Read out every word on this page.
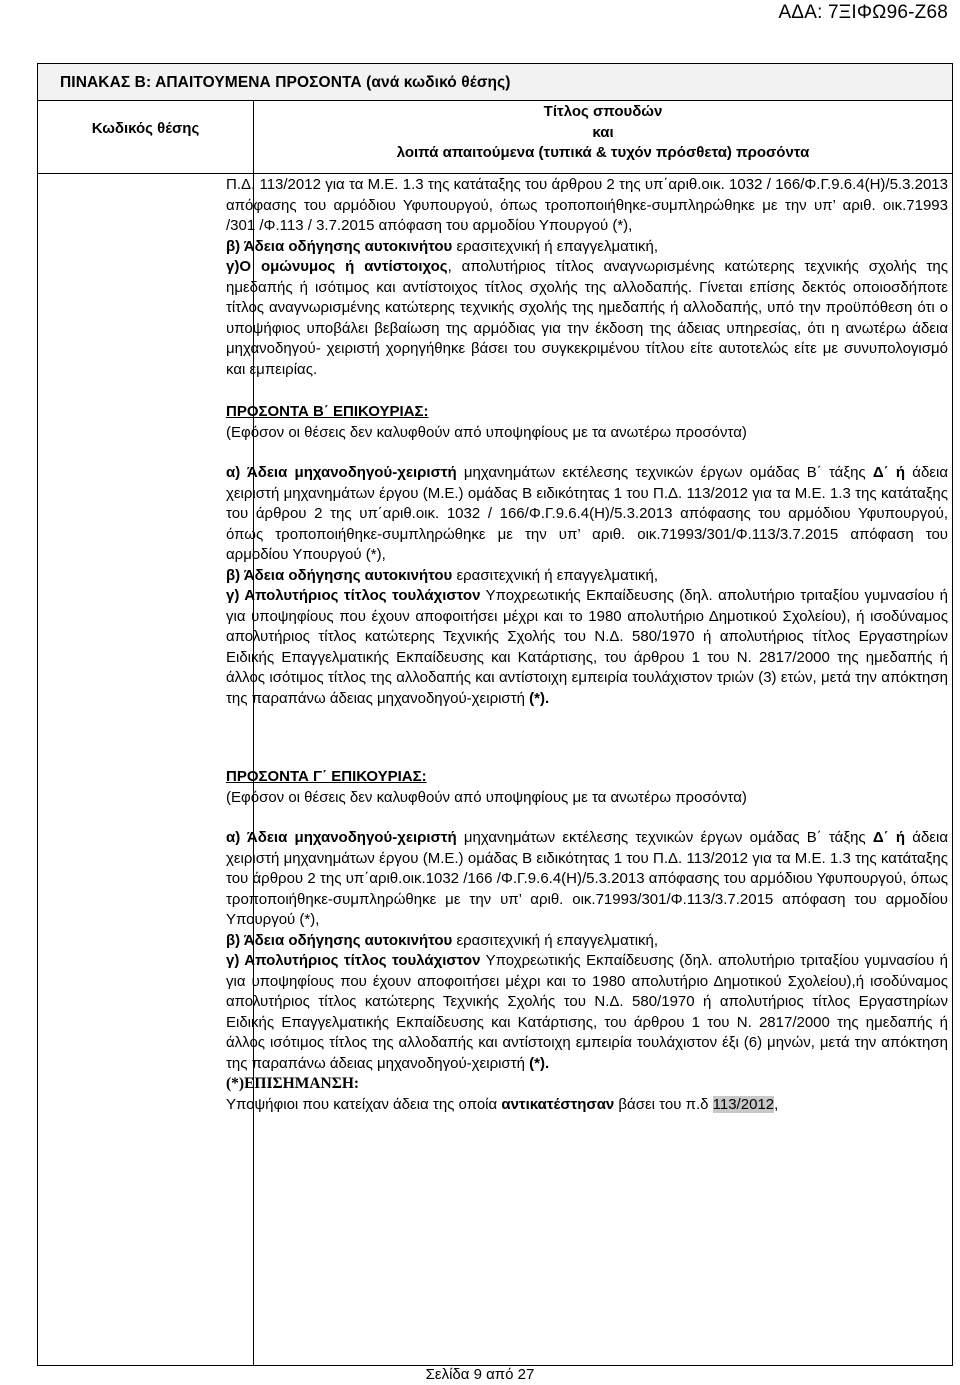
ΑΔΑ: 7ΞΙΦΩ96-Ζ68
ΠΙΝΑΚΑΣ Β: ΑΠΑΙΤΟΥΜΕΝΑ ΠΡΟΣΟΝΤΑ (ανά κωδικό θέσης)
Κωδικός θέσης
Τίτλος σπουδών
και
λοιπά απαιτούμενα (τυπικά & τυχόν πρόσθετα) προσόντα

Π.Δ. 113/2012 για τα Μ.Ε. 1.3 της κατάταξης του άρθρου 2 της υπ΄αριθ.οικ. 1032 / 166/Φ.Γ.9.6.4(Η)/5.3.2013 απόφασης του αρμόδιου Υφυπουργού, όπως τροποποιήθηκε-συμπληρώθηκε με την υπ’ αριθ. οικ.71993 /301 /Φ.113 / 3.7.2015 απόφαση του αρμοδίου Υπουργού (*),

β) Άδεια οδήγησης αυτοκινήτου ερασιτεχνική ή επαγγελματική,

γ)Ο ομώνυμος ή αντίστοιχος, απολυτήριος τίτλος αναγνωρισμένης κατώτερης τεχνικής σχολής της ημεδαπής ή ισότιμος και αντίστοιχος τίτλος σχολής της αλλοδαπής. Γίνεται επίσης δεκτός οποιοσδήποτε τίτλος αναγνωρισμένης κατώτερης τεχνικής σχολής της ημεδαπής ή αλλοδαπής, υπό την προϋπόθεση ότι ο υποψήφιος υποβάλει βεβαίωση της αρμόδιας για την έκδοση της άδειας υπηρεσίας, ότι η ανωτέρω άδεια μηχανοδηγού- χειριστή χορηγήθηκε βάσει του συγκεκριμένου τίτλου είτε αυτοτελώς είτε με συνυπολογισμό και εμπειρίας.

ΠΡΟΣΟΝΤΑ Β΄ ΕΠΙΚΟΥΡΙΑΣ:

(Εφόσον οι θέσεις δεν καλυφθούν από υποψηφίους με τα ανωτέρω προσόντα)

α) Άδεια μηχανοδηγού-χειριστή μηχανημάτων εκτέλεσης τεχνικών έργων ομάδας Β΄ τάξης Δ΄ ή άδεια χειριστή μηχανημάτων έργου (Μ.Ε.) ομάδας Β ειδικότητας 1 του Π.Δ. 113/2012 για τα Μ.Ε. 1.3 της κατάταξης του άρθρου 2 της υπ΄αριθ.οικ. 1032 / 166/Φ.Γ.9.6.4(Η)/5.3.2013 απόφασης του αρμόδιου Υφυπουργού, όπως τροποποιήθηκε-συμπληρώθηκε με την υπ’ αριθ. οικ.71993/301/Φ.113/3.7.2015 απόφαση του αρμοδίου Υπουργού (*),

β) Άδεια οδήγησης αυτοκινήτου ερασιτεχνική ή επαγγελματική,

γ) Απολυτήριος τίτλος τουλάχιστον Υποχρεωτικής Εκπαίδευσης (δηλ. απολυτήριο τριταξίου γυμνασίου ή για υποψηφίους που έχουν αποφοιτήσει μέχρι και το 1980 απολυτήριο Δημοτικού Σχολείου), ή ισοδύναμος απολυτήριος τίτλος κατώτερης Τεχνικής Σχολής του Ν.Δ. 580/1970 ή απολυτήριος τίτλος Εργαστηρίων Ειδικής Επαγγελματικής Εκπαίδευσης και Κατάρτισης, του άρθρου 1 του Ν. 2817/2000 της ημεδαπής ή άλλος ισότιμος τίτλος της αλλοδαπής και αντίστοιχη εμπειρία τουλάχιστον τριών (3) ετών, μετά την απόκτηση της παραπάνω άδειας μηχανοδηγού-χειριστή (*).

ΠΡΟΣΟΝΤΑ Γ΄ ΕΠΙΚΟΥΡΙΑΣ:

(Εφόσον οι θέσεις δεν καλυφθούν από υποψηφίους με τα ανωτέρω προσόντα)

α) Άδεια μηχανοδηγού-χειριστή μηχανημάτων εκτέλεσης τεχνικών έργων ομάδας Β΄ τάξης Δ΄ ή άδεια χειριστή μηχανημάτων έργου (Μ.Ε.) ομάδας Β ειδικότητας 1 του Π.Δ. 113/2012 για τα Μ.Ε. 1.3 της κατάταξης του άρθρου 2 της υπ΄αριθ.οικ.1032 /166 /Φ.Γ.9.6.4(Η)/5.3.2013 απόφασης του αρμόδιου Υφυπουργού, όπως τροποποιήθηκε-συμπληρώθηκε με την υπ’ αριθ. οικ.71993/301/Φ.113/3.7.2015 απόφαση του αρμοδίου Υπουργού (*),

β) Άδεια οδήγησης αυτοκινήτου ερασιτεχνική ή επαγγελματική,

γ) Απολυτήριος τίτλος τουλάχιστον Υποχρεωτικής Εκπαίδευσης (δηλ. απολυτήριο τριταξίου γυμνασίου ή για υποψηφίους που έχουν αποφοιτήσει μέχρι και το 1980 απολυτήριο Δημοτικού Σχολείου),ή ισοδύναμος απολυτήριος τίτλος κατώτερης Τεχνικής Σχολής του Ν.Δ. 580/1970 ή απολυτήριος τίτλος Εργαστηρίων Ειδικής Επαγγελματικής Εκπαίδευσης και Κατάρτισης, του άρθρου 1 του Ν. 2817/2000 της ημεδαπής ή άλλος ισότιμος τίτλος της αλλοδαπής και αντίστοιχη εμπειρία τουλάχιστον έξι (6) μηνών, μετά την απόκτηση της παραπάνω άδειας μηχανοδηγού-χειριστή (*).

(*)ΕΠΙΣΗΜΑΝΣΗ:

Υποψήφιοι που κατείχαν άδεια της οποία αντικατέστησαν βάσει του π.δ 113/2012,

Σελίδα 9 από 27
